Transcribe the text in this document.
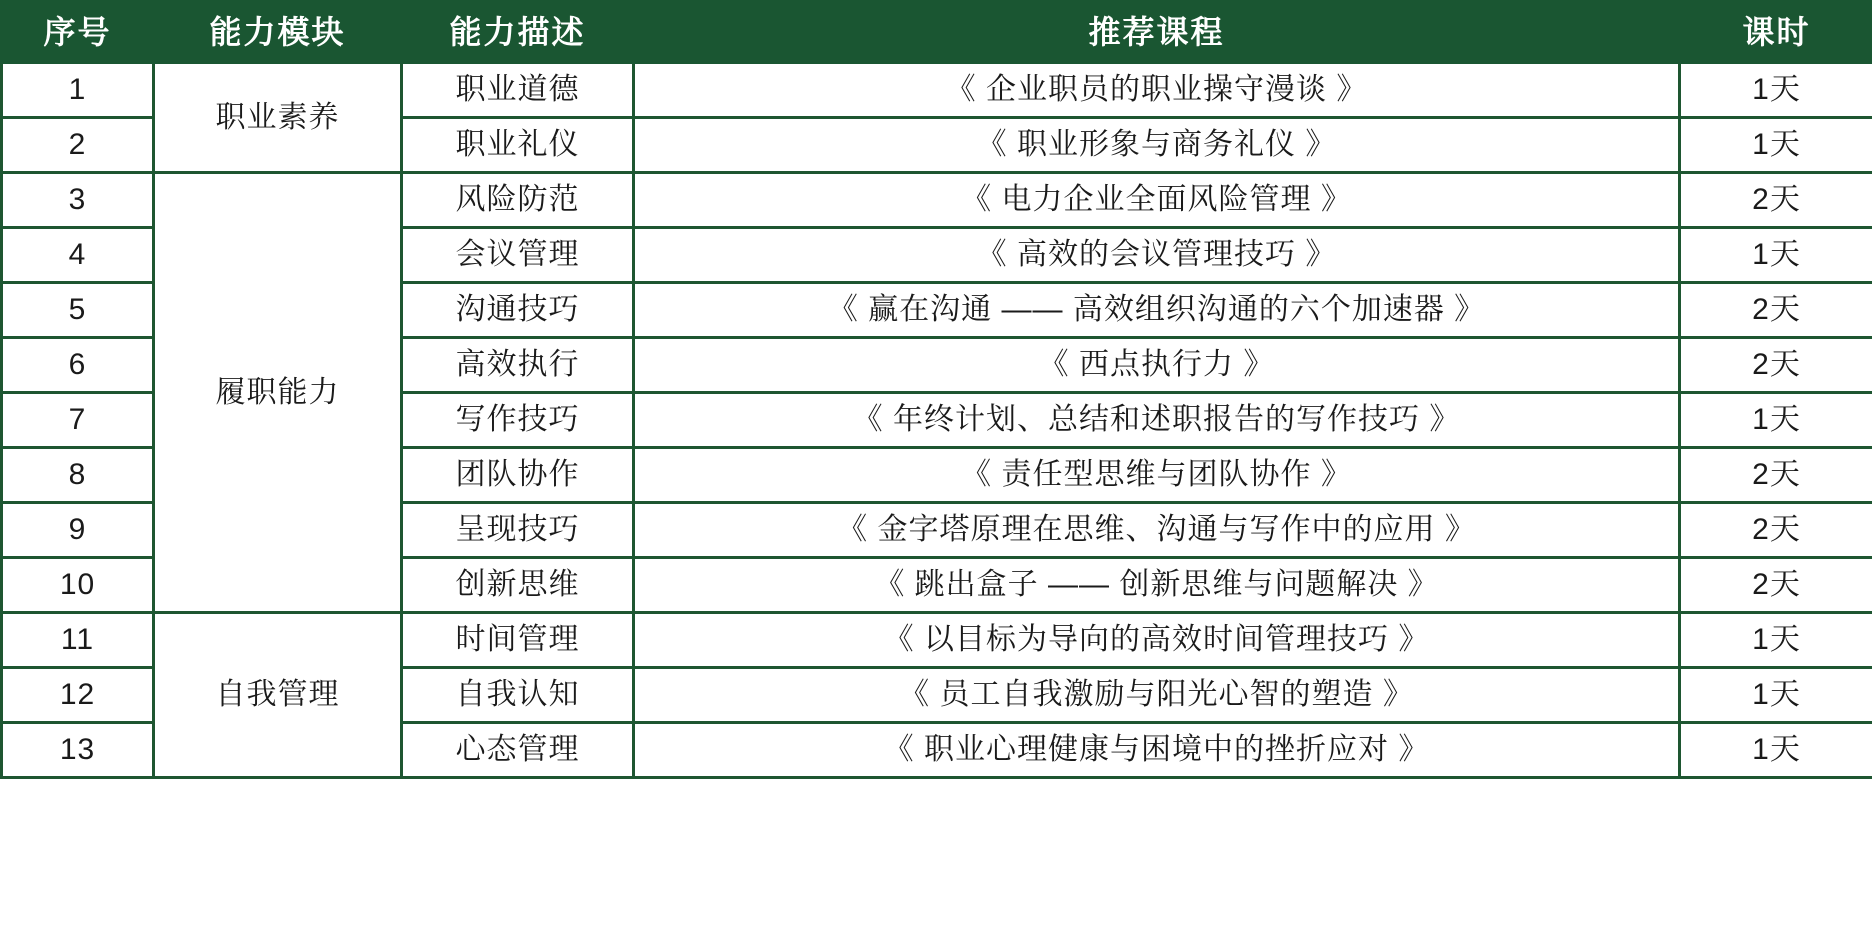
序号	能力模块	能力描述	推荐课程	课时
1	职业素养	职业道德	《 企业职员的职业操守漫谈 》	1天
2		职业礼仪	《 职业形象与商务礼仪 》	1天
3	履职能力	风险防范	《 电力企业全面风险管理 》	2天
4		会议管理	《 高效的会议管理技巧 》	1天
5		沟通技巧	《 赢在沟通 —— 高效组织沟通的六个加速器 》	2天
6		高效执行	《 西点执行力 》	2天
7		写作技巧	《 年终计划、总结和述职报告的写作技巧 》	1天
8		团队协作	《 责任型思维与团队协作 》	2天
9		呈现技巧	《 金字塔原理在思维、沟通与写作中的应用 》	2天
10		创新思维	《 跳出盒子 —— 创新思维与问题解决 》	2天
11	自我管理	时间管理	《 以目标为导向的高效时间管理技巧 》	1天
12		自我认知	《 员工自我激励与阳光心智的塑造 》	1天
13		心态管理	《 职业心理健康与困境中的挫折应对 》	1天
